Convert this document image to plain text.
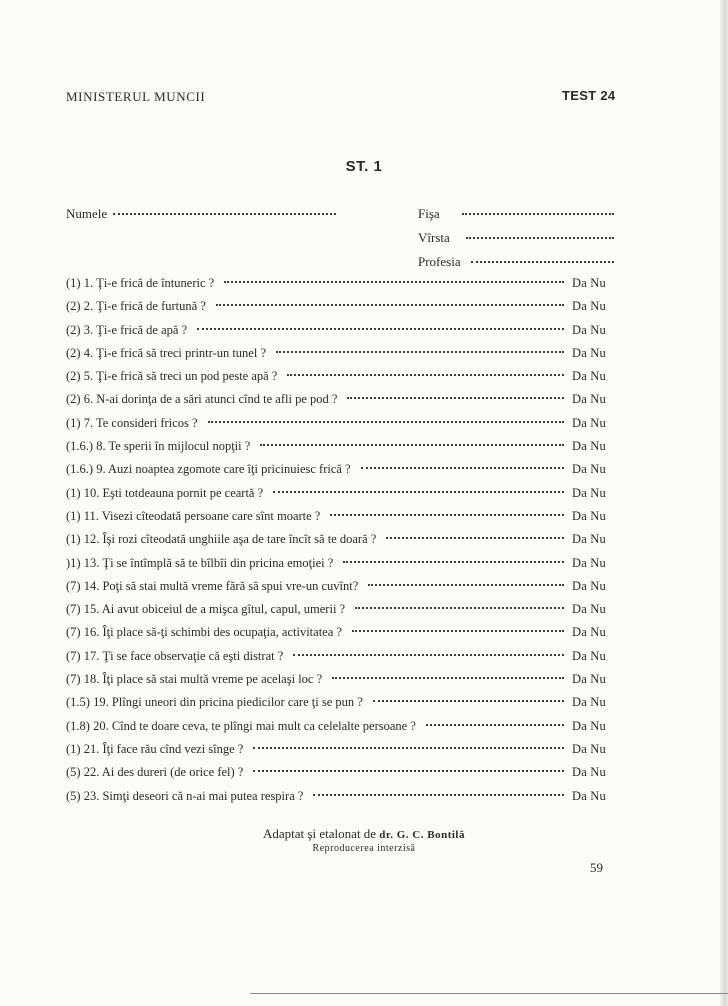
MINISTERUL MUNCII	TEST 24
ST. 1
Numele	Fişa
Vîrsta
Profesia
(1) 1. Ţi-e frică de întuneric ?	Da Nu
(2) 2. Ţi-e frică de furtună ?	Da Nu
(2) 3. Ţi-e frică de apă ?	Da Nu
(2) 4. Ţi-e frică să treci printr-un tunel ?	Da Nu
(2) 5. Ţi-e frică să treci un pod peste apă ?	Da Nu
(2) 6. N-ai dorinţa de a sări atunci cînd te afli pe pod ?	Da Nu
(1) 7. Te consideri fricos ?	Da Nu
(1.6.) 8. Te sperii în mijlocul nopţii ?	Da Nu
(1.6.) 9. Auzi noaptea zgomote care îţi pricinuiesc frică ?	Da Nu
(1) 10. Eşti totdeauna pornit pe ceartă ?	Da Nu
(1) 11. Visezi cîteodată persoane care sînt moarte ?	Da Nu
(1) 12. Îşi rozi cîteodată unghiile aşa de tare încît să te doară ?	Da Nu
)1) 13. Ţi se întîmplă să te bîlbîi din pricina emoţiei ?	Da Nu
(7) 14. Poţi să stai multă vreme fără să spui vre-un cuvînt?	Da Nu
(7) 15. Ai avut obiceiul de a mişca gîtul, capul, umerii ?	Da Nu
(7) 16. Îţi place să-ţi schimbi des ocupaţia, activitatea ?	Da Nu
(7) 17. Ţi se face observaţie că eşti distrat ?	Da Nu
(7) 18. Îţi place să stai multă vreme pe acelaşi loc ?	Da Nu
(1.5) 19. Plîngi uneori din pricina piedicilor care ţi se pun ?	Da Nu
(1.8) 20. Cînd te doare ceva, te plîngi mai mult ca celelalte persoane ?	Da Nu
(1) 21. Îţi face rău cînd vezi sînge ?	Da Nu
(5) 22. Ai des dureri (de orice fel) ?	Da Nu
(5) 23. Simţi deseori că n-ai mai putea respira ?	Da Nu
Adaptat şi etalonat de dr. G. C. Bontilă
Reproducerea interzisă
59
